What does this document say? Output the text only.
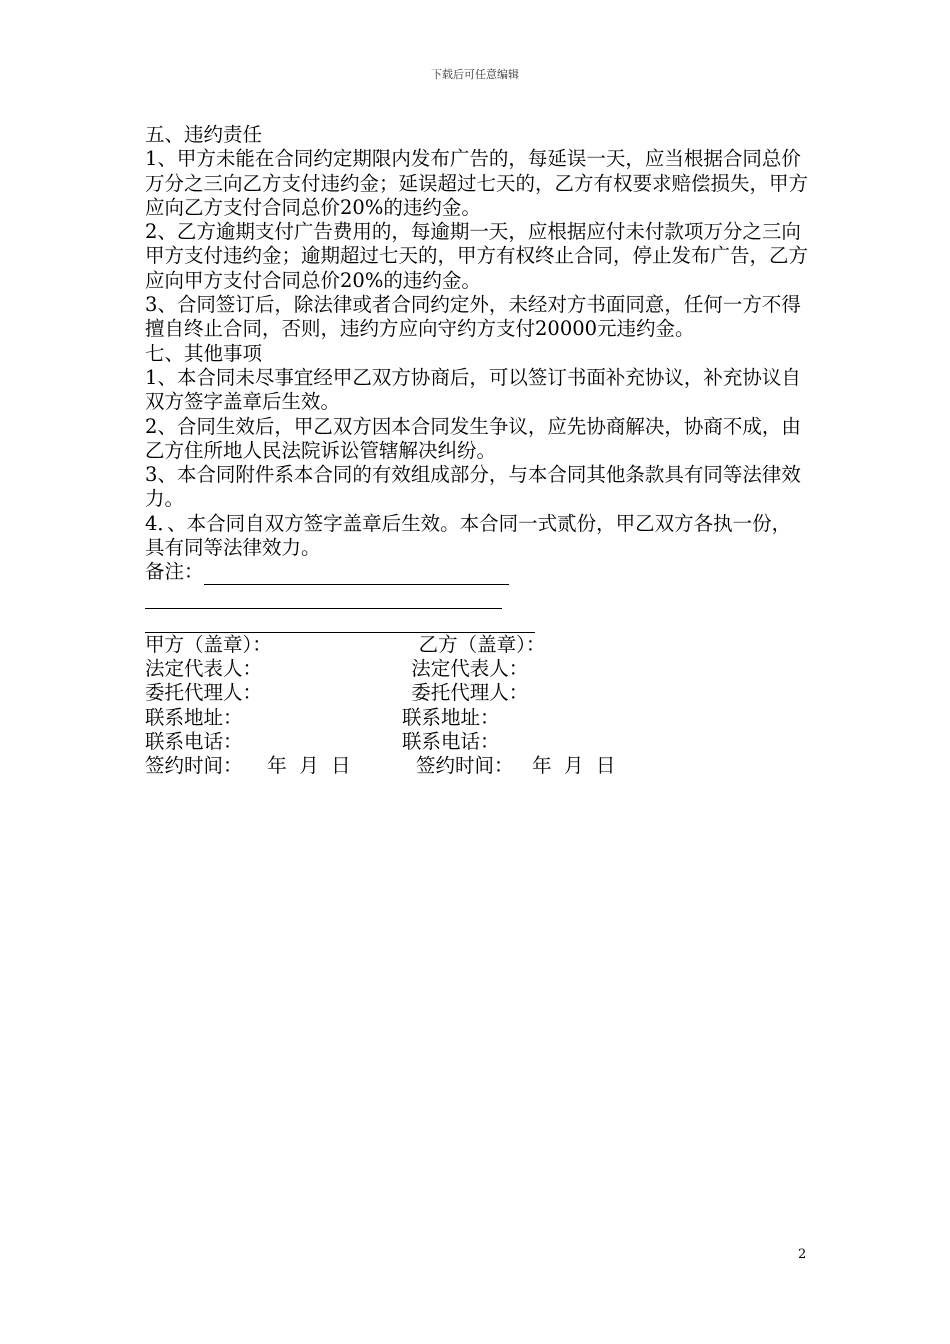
下载后可任意编辑

五、违约责任

1、甲方未能在合同约定期限内发布广告的，每延误一天，应当根据合同总价万分之三向乙方支付违约金；延误超过七天的，乙方有权要求赔偿损失，甲方应向乙方支付合同总价20%的违约金。

2、乙方逾期支付广告费用的，每逾期一天，应根据应付未付款项万分之三向甲方支付违约金；逾期超过七天的，甲方有权终止合同，停止发布广告，乙方应向甲方支付合同总价20%的违约金。

3、合同签订后，除法律或者合同约定外，未经对方书面同意，任何一方不得擅自终止合同，否则，违约方应向守约方支付20000元违约金。

七、其他事项

1、本合同未尽事宜经甲乙双方协商后，可以签订书面补充协议，补充协议自双方签字盖章后生效。

2、合同生效后，甲乙双方因本合同发生争议，应先协商解决，协商不成，由乙方住所地人民法院诉讼管辖解决纠纷。

3、本合同附件系本合同的有效组成部分，与本合同其他条款具有同等法律效力。

4．、本合同自双方签字盖章后生效。本合同一式贰份，甲乙双方各执一份，具有同等法律效力。

备注：
甲方（盖章）：	乙方（盖章）：
法定代表人：	法定代表人：
委托代理人：	委托代理人：
联系地址：	联系地址：
联系电话：	联系电话：
签约时间：    年  月  日	签约时间：   年  月  日
2
